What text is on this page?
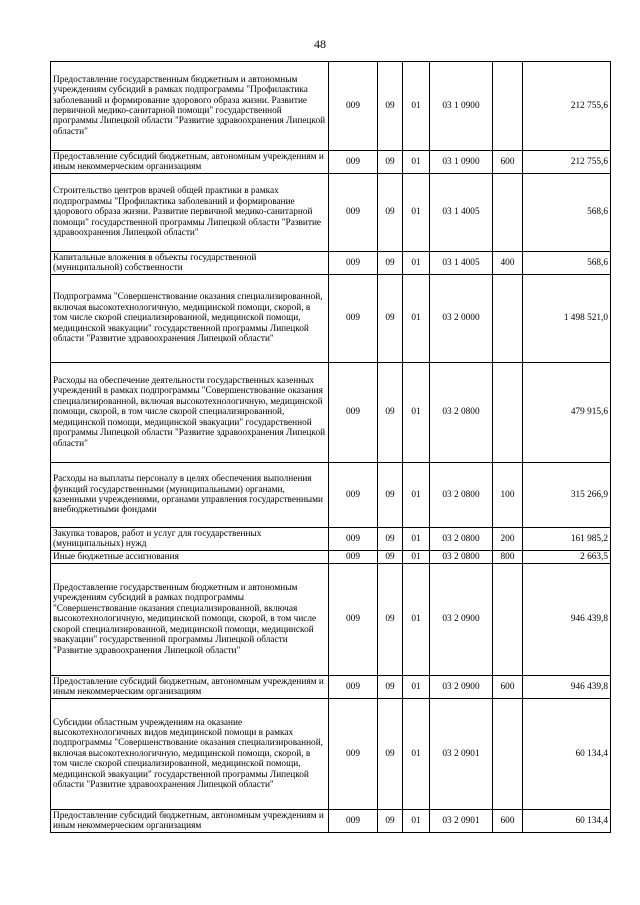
48
Предоставление государственным бюджетным и автономным учреждениям субсидий в рамках подпрограммы "Профилактика заболеваний и формирование здорового образа жизни. Развитие первичной медико-санитарной помощи" государственной программы Липецкой области "Развитие здравоохранения Липецкой области"	009	09	01	03 1 0900		212 755,6
Предоставление субсидий бюджетным, автономным учреждениям и иным некоммерческим организациям	009	09	01	03 1 0900	600	212 755,6
Строительство центров врачей общей практики в рамках подпрограммы "Профилактика заболеваний и формирование здорового образа жизни. Развитие первичной медико-санитарной помощи" государственной программы Липецкой области "Развитие здравоохранения Липецкой области"	009	09	01	03 1 4005		568,6
Капитальные вложения в объекты государственной (муниципальной) собственности	009	09	01	03 1 4005	400	568,6
Подпрограмма "Совершенствование оказания специализированной, включая высокотехнологичную, медицинской помощи, скорой, в том числе скорой специализированной, медицинской помощи, медицинской эвакуации" государственной программы Липецкой области "Развитие здравоохранения Липецкой области"	009	09	01	03 2 0000		1 498 521,0
Расходы на обеспечение деятельности государственных казенных учреждений в рамках подпрограммы "Совершенствование оказания специализированной, включая высокотехнологичную, медицинской помощи, скорой, в том числе скорой специализированной, медицинской помощи, медицинской эвакуации" государственной программы Липецкой области "Развитие здравоохранения Липецкой области"	009	09	01	03 2 0800		479 915,6
Расходы на выплаты персоналу в целях обеспечения выполнения функций государственными (муниципальными) органами, казенными учреждениями, органами управления государственными внебюджетными фондами	009	09	01	03 2 0800	100	315 266,9
Закупка товаров, работ и услуг для государственных (муниципальных) нужд	009	09	01	03 2 0800	200	161 985,2
Иные бюджетные ассигнования	009	09	01	03 2 0800	800	2 663,5
Предоставление государственным бюджетным и автономным учреждениям субсидий в рамках подпрограммы "Совершенствование оказания специализированной, включая высокотехнологичную, медицинской помощи, скорой, в том числе скорой специализированной, медицинской помощи, медицинской эвакуации" государственной программы Липецкой области "Развитие здравоохранения Липецкой области"	009	09	01	03 2 0900		946 439,8
Предоставление субсидий бюджетным, автономным учреждениям и иным некоммерческим организациям	009	09	01	03 2 0900	600	946 439,8
Субсидии областным учреждениям на оказание высокотехнологичных видов медицинской помощи в рамках подпрограммы "Совершенствование оказания специализированной, включая высокотехнологичную, медицинской помощи, скорой, в том числе скорой специализированной, медицинской помощи, медицинской эвакуации" государственной программы Липецкой области "Развитие здравоохранения Липецкой области"	009	09	01	03 2 0901		60 134,4
Предоставление субсидий бюджетным, автономным учреждениям и иным некоммерческим организациям	009	09	01	03 2 0901	600	60 134,4
